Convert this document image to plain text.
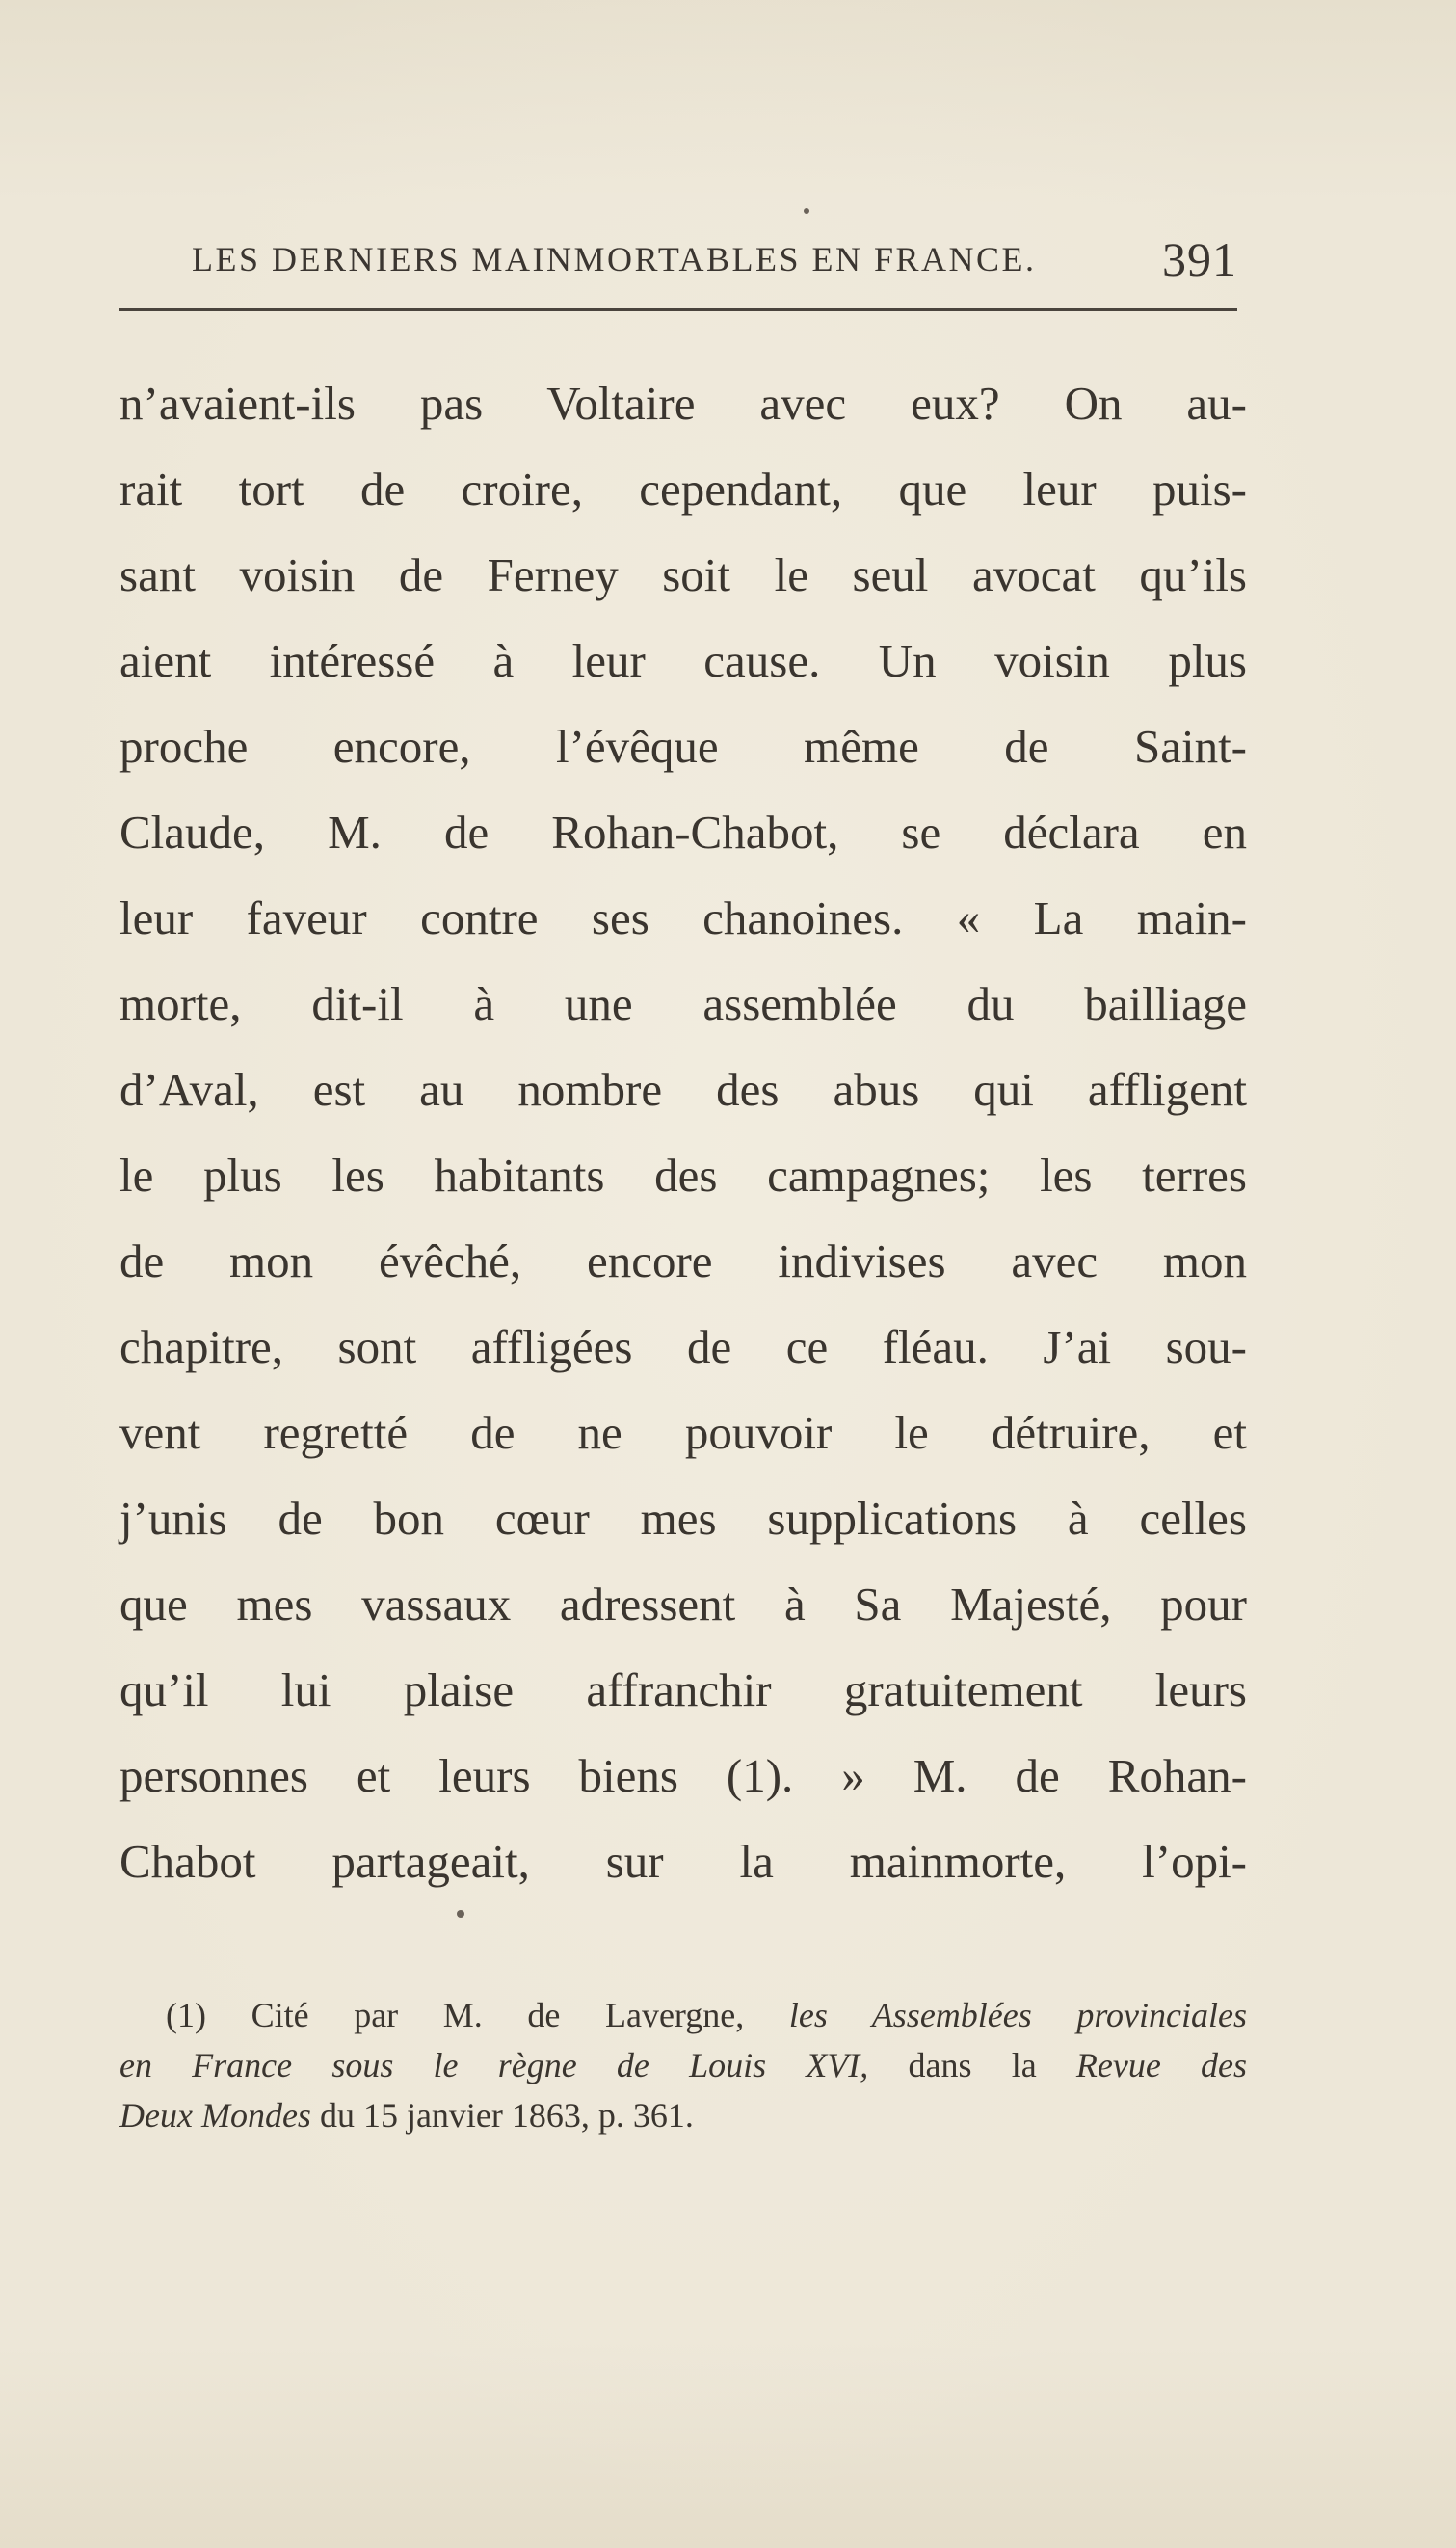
LES DERNIERS MAINMORTABLES EN FRANCE.	391
n’avaient-ils pas Voltaire avec eux? On au-
rait tort de croire, cependant, que leur puis-
sant voisin de Ferney soit le seul avocat qu’ils
aient intéressé à leur cause. Un voisin plus
proche encore, l’évêque même de Saint-
Claude, M. de Rohan-Chabot, se déclara en
leur faveur contre ses chanoines. « La main-
morte, dit-il à une assemblée du bailliage
d’Aval, est au nombre des abus qui affligent
le plus les habitants des campagnes; les terres
de mon évêché, encore indivises avec mon
chapitre, sont affligées de ce fléau. J’ai sou-
vent regretté de ne pouvoir le détruire, et
j’unis de bon cœur mes supplications à celles
que mes vassaux adressent à Sa Majesté, pour
qu’il lui plaise affranchir gratuitement leurs
personnes et leurs biens (1). » M. de Rohan-
Chabot partageait, sur la mainmorte, l’opi-
(1) Cité par M. de Lavergne, les Assemblées provinciales
en France sous le règne de Louis XVI, dans la Revue des
Deux Mondes du 15 janvier 1863, p. 361.
